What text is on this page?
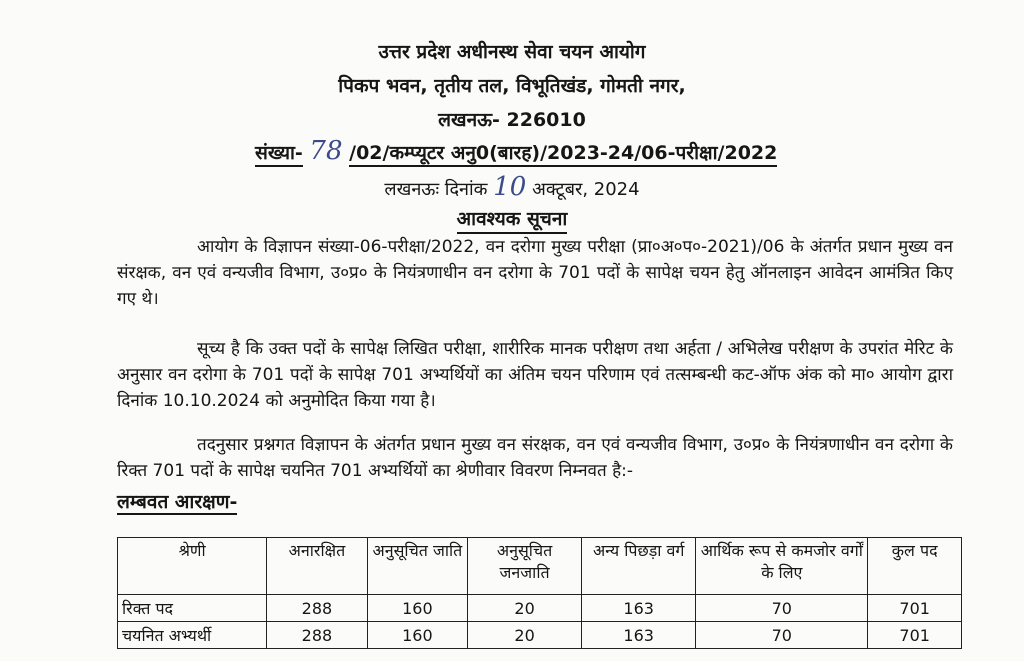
उत्तर प्रदेश अधीनस्थ सेवा चयन आयोग
पिकप भवन, तृतीय तल, विभूतिखंड, गोमती नगर,
लखनऊ- 226010
संख्या- 78 /02/कम्प्यूटर अनु0(बारह)/2023-24/06-परीक्षा/2022
लखनऊः दिनांक 10 अक्टूबर, 2024
आवश्यक सूचना

आयोग के विज्ञापन संख्या-06-परीक्षा/2022, वन दरोगा मुख्य परीक्षा (प्रा०अ०प०-2021)/06 के अंतर्गत प्रधान मुख्य वन संरक्षक, वन एवं वन्यजीव विभाग, उ०प्र० के नियंत्रणाधीन वन दरोगा के 701 पदों के सापेक्ष चयन हेतु ऑनलाइन आवेदन आमंत्रित किए गए थे।

सूच्य है कि उक्त पदों के सापेक्ष लिखित परीक्षा, शारीरिक मानक परीक्षण तथा अर्हता / अभिलेख परीक्षण के उपरांत मेरिट के अनुसार वन दरोगा के 701 पदों के सापेक्ष 701 अभ्यर्थियों का अंतिम चयन परिणाम एवं तत्सम्बन्धी कट-ऑफ अंक को मा० आयोग द्वारा दिनांक 10.10.2024 को अनुमोदित किया गया है।

तदनुसार प्रश्नगत विज्ञापन के अंतर्गत प्रधान मुख्य वन संरक्षक, वन एवं वन्यजीव विभाग, उ०प्र० के नियंत्रणाधीन वन दरोगा के रिक्त 701 पदों के सापेक्ष चयनित 701 अभ्यर्थियों का श्रेणीवार विवरण निम्नवत है:-

लम्बवत आरक्षण-
श्रेणी	अनारक्षित	अनुसूचित जाति	अनुसूचित जनजाति	अन्य पिछड़ा वर्ग	आर्थिक रूप से कमजोर वर्गों के लिए	कुल पद
रिक्त पद	288	160	20	163	70	701
चयनित अभ्यर्थी	288	160	20	163	70	701
